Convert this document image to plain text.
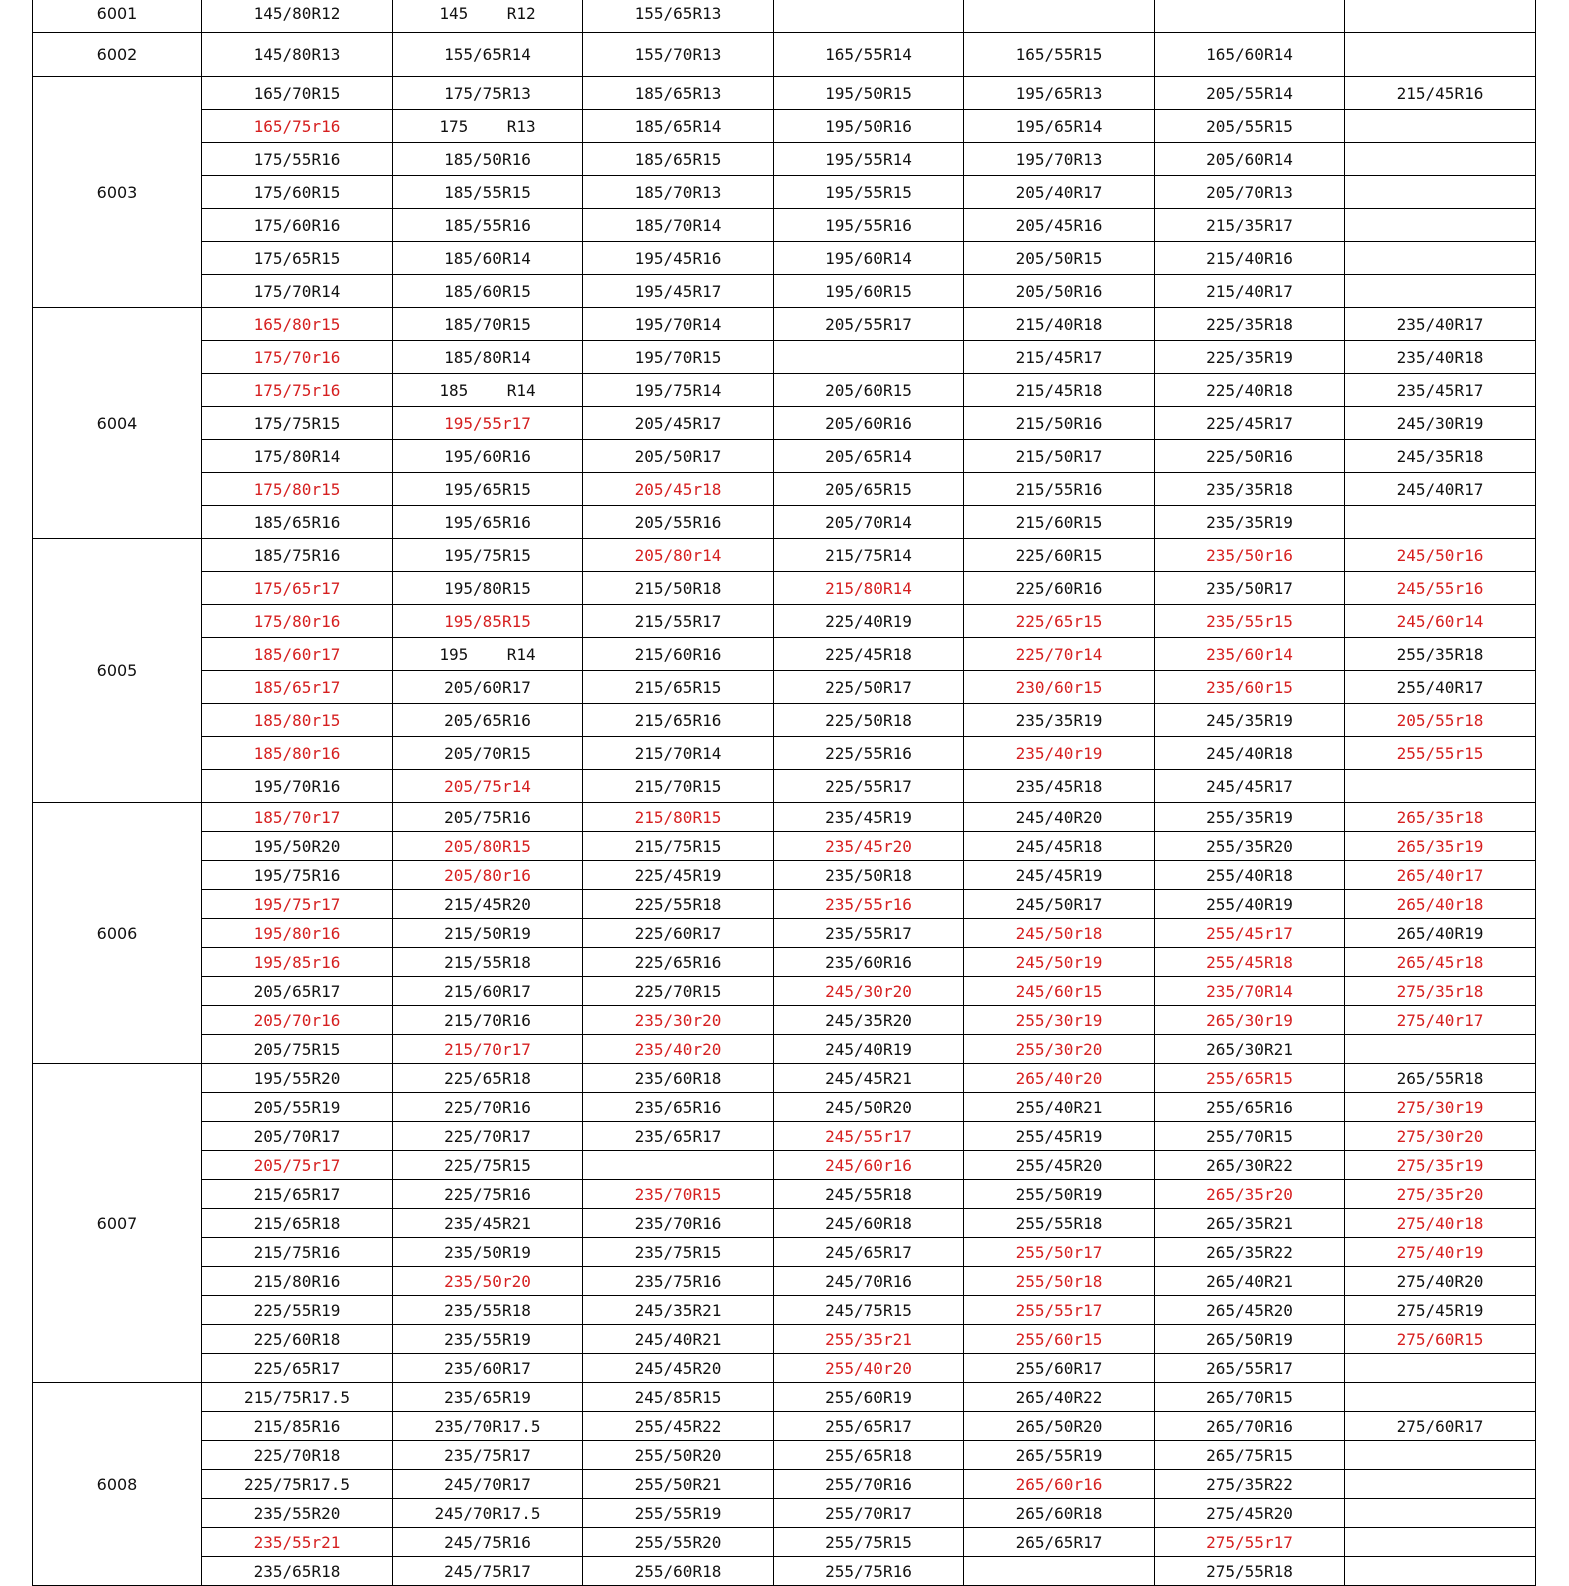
6001	145/80R12	145    R12	155/65R13				
6002	145/80R13	155/65R14	155/70R13	165/55R14	165/55R15	165/60R14	
6003	165/70R15	175/75R13	185/65R13	195/50R15	195/65R13	205/55R14	215/45R16
	165/75r16	175    R13	185/65R14	195/50R16	195/65R14	205/55R15	
	175/55R16	185/50R16	185/65R15	195/55R14	195/70R13	205/60R14	
	175/60R15	185/55R15	185/70R13	195/55R15	205/40R17	205/70R13	
	175/60R16	185/55R16	185/70R14	195/55R16	205/45R16	215/35R17	
	175/65R15	185/60R14	195/45R16	195/60R14	205/50R15	215/40R16	
	175/70R14	185/60R15	195/45R17	195/60R15	205/50R16	215/40R17	
6004	165/80r15	185/70R15	195/70R14	205/55R17	215/40R18	225/35R18	235/40R17
	175/70r16	185/80R14	195/70R15		215/45R17	225/35R19	235/40R18
	175/75r16	185    R14	195/75R14	205/60R15	215/45R18	225/40R18	235/45R17
	175/75R15	195/55r17	205/45R17	205/60R16	215/50R16	225/45R17	245/30R19
	175/80R14	195/60R16	205/50R17	205/65R14	215/50R17	225/50R16	245/35R18
	175/80r15	195/65R15	205/45r18	205/65R15	215/55R16	235/35R18	245/40R17
	185/65R16	195/65R16	205/55R16	205/70R14	215/60R15	235/35R19	
6005	185/75R16	195/75R15	205/80r14	215/75R14	225/60R15	235/50r16	245/50r16
	175/65r17	195/80R15	215/50R18	215/80R14	225/60R16	235/50R17	245/55r16
	175/80r16	195/85R15	215/55R17	225/40R19	225/65r15	235/55r15	245/60r14
	185/60r17	195    R14	215/60R16	225/45R18	225/70r14	235/60r14	255/35R18
	185/65r17	205/60R17	215/65R15	225/50R17	230/60r15	235/60r15	255/40R17
	185/80r15	205/65R16	215/65R16	225/50R18	235/35R19	245/35R19	205/55r18
	185/80r16	205/70R15	215/70R14	225/55R16	235/40r19	245/40R18	255/55r15
	195/70R16	205/75r14	215/70R15	225/55R17	235/45R18	245/45R17	
6006	185/70r17	205/75R16	215/80R15	235/45R19	245/40R20	255/35R19	265/35r18
	195/50R20	205/80R15	215/75R15	235/45r20	245/45R18	255/35R20	265/35r19
	195/75R16	205/80r16	225/45R19	235/50R18	245/45R19	255/40R18	265/40r17
	195/75r17	215/45R20	225/55R18	235/55r16	245/50R17	255/40R19	265/40r18
	195/80r16	215/50R19	225/60R17	235/55R17	245/50r18	255/45r17	265/40R19
	195/85r16	215/55R18	225/65R16	235/60R16	245/50r19	255/45R18	265/45r18
	205/65R17	215/60R17	225/70R15	245/30r20	245/60r15	235/70R14	275/35r18
	205/70r16	215/70R16	235/30r20	245/35R20	255/30r19	265/30r19	275/40r17
	205/75R15	215/70r17	235/40r20	245/40R19	255/30r20	265/30R21	
6007	195/55R20	225/65R18	235/60R18	245/45R21	265/40r20	255/65R15	265/55R18
	205/55R19	225/70R16	235/65R16	245/50R20	255/40R21	255/65R16	275/30r19
	205/70R17	225/70R17	235/65R17	245/55r17	255/45R19	255/70R15	275/30r20
	205/75r17	225/75R15		245/60r16	255/45R20	265/30R22	275/35r19
	215/65R17	225/75R16	235/70R15	245/55R18	255/50R19	265/35r20	275/35r20
	215/65R18	235/45R21	235/70R16	245/60R18	255/55R18	265/35R21	275/40r18
	215/75R16	235/50R19	235/75R15	245/65R17	255/50r17	265/35R22	275/40r19
	215/80R16	235/50r20	235/75R16	245/70R16	255/50r18	265/40R21	275/40R20
	225/55R19	235/55R18	245/35R21	245/75R15	255/55r17	265/45R20	275/45R19
	225/60R18	235/55R19	245/40R21	255/35r21	255/60r15	265/50R19	275/60R15
	225/65R17	235/60R17	245/45R20	255/40r20	255/60R17	265/55R17	
6008	215/75R17.5	235/65R19	245/85R15	255/60R19	265/40R22	265/70R15	
	215/85R16	235/70R17.5	255/45R22	255/65R17	265/50R20	265/70R16	275/60R17
	225/70R18	235/75R17	255/50R20	255/65R18	265/55R19	265/75R15	
	225/75R17.5	245/70R17	255/50R21	255/70R16	265/60r16	275/35R22	
	235/55R20	245/70R17.5	255/55R19	255/70R17	265/60R18	275/45R20	
	235/55r21	245/75R16	255/55R20	255/75R15	265/65R17	275/55r17	
	235/65R18	245/75R17	255/60R18	255/75R16		275/55R18	
